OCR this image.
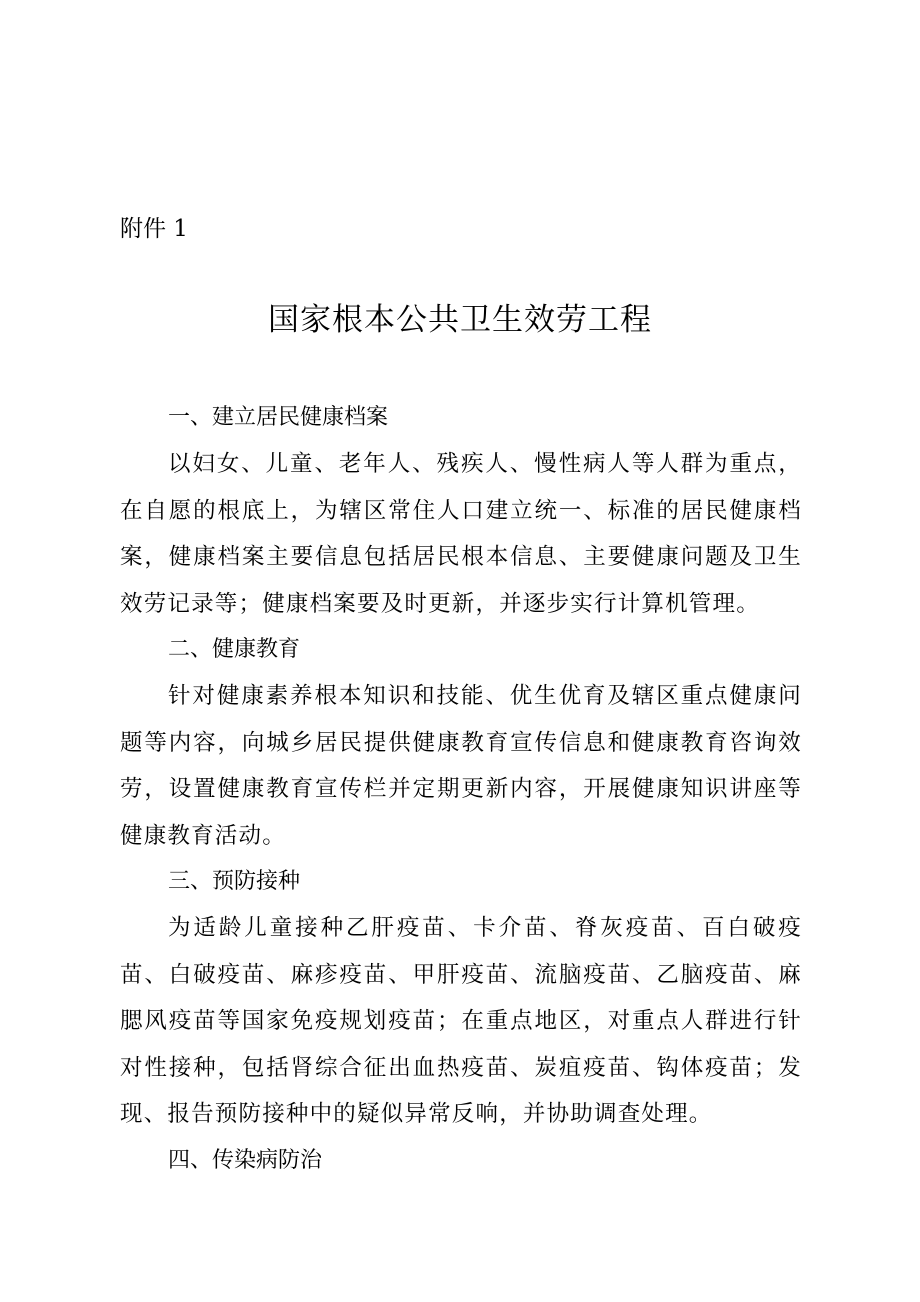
附件 1
国家根本公共卫生效劳工程
一、建立居民健康档案

以妇女、儿童、老年人、残疾人、慢性病人等人群为重点，在自愿的根底上，为辖区常住人口建立统一、标准的居民健康档案，健康档案主要信息包括居民根本信息、主要健康问题及卫生效劳记录等；健康档案要及时更新，并逐步实行计算机管理。

二、健康教育

针对健康素养根本知识和技能、优生优育及辖区重点健康问题等内容，向城乡居民提供健康教育宣传信息和健康教育咨询效劳，设置健康教育宣传栏并定期更新内容，开展健康知识讲座等健康教育活动。

三、预防接种

为适龄儿童接种乙肝疫苗、卡介苗、脊灰疫苗、百白破疫苗、白破疫苗、麻疹疫苗、甲肝疫苗、流脑疫苗、乙脑疫苗、麻腮风疫苗等国家免疫规划疫苗；在重点地区，对重点人群进行针对性接种，包括肾综合征出血热疫苗、炭疽疫苗、钩体疫苗；发现、报告预防接种中的疑似异常反响，并协助调查处理。

四、传染病防治
